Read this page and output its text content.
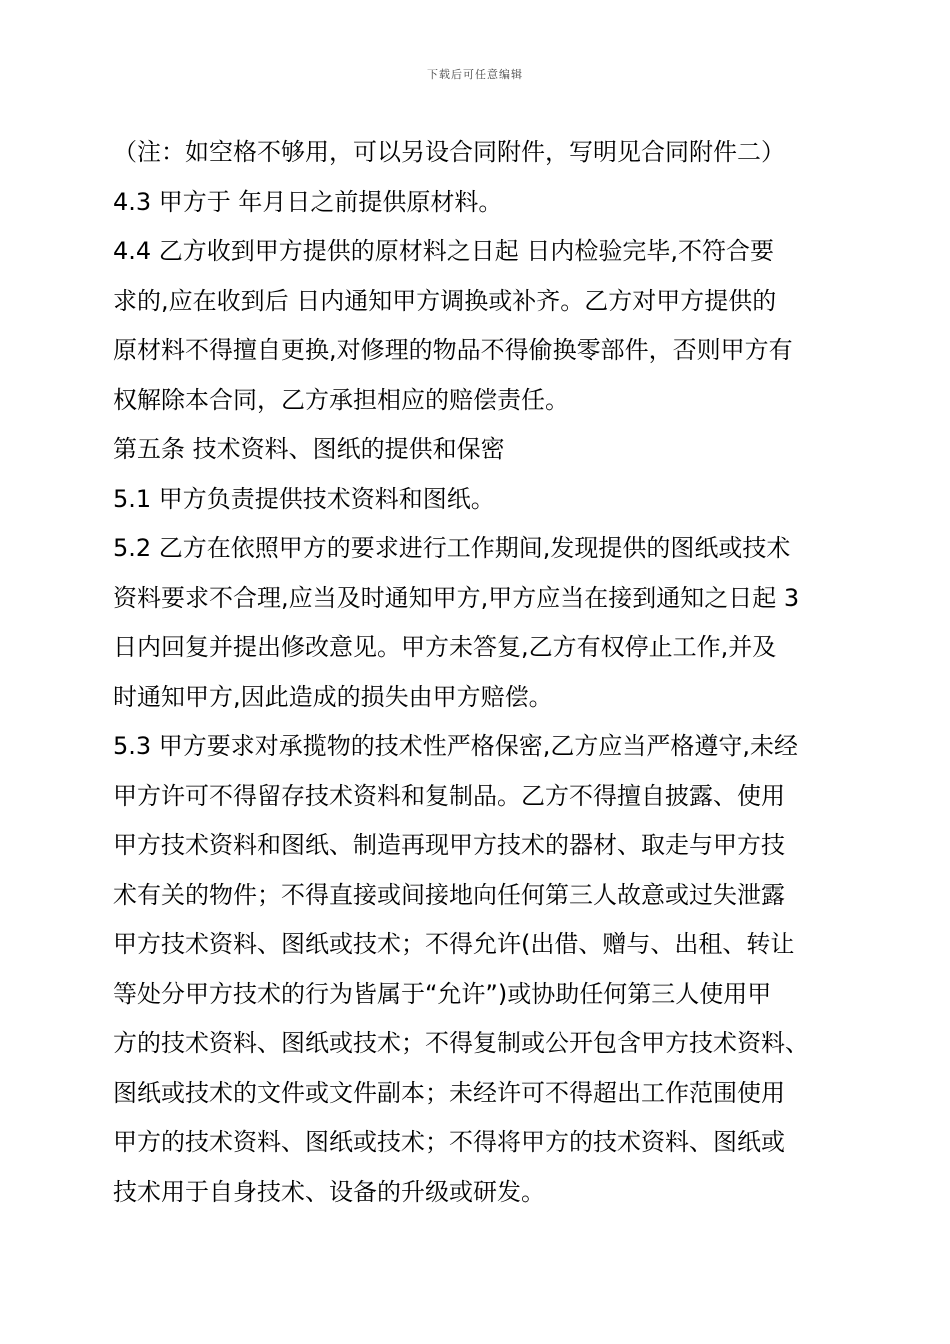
下载后可任意编辑

（注：如空格不够用，可以另设合同附件，写明见合同附件二）

4.3 甲方于 年月日之前提供原材料。

4.4 乙方收到甲方提供的原材料之日起 日内检验完毕,不符合要
求的,应在收到后 日内通知甲方调换或补齐。乙方对甲方提供的
原材料不得擅自更换,对修理的物品不得偷换零部件，否则甲方有
权解除本合同，乙方承担相应的赔偿责任。

第五条 技术资料、图纸的提供和保密

5.1 甲方负责提供技术资料和图纸。

5.2 乙方在依照甲方的要求进行工作期间,发现提供的图纸或技术
资料要求不合理,应当及时通知甲方,甲方应当在接到通知之日起 3
日内回复并提出修改意见。甲方未答复,乙方有权停止工作,并及
时通知甲方,因此造成的损失由甲方赔偿。

5.3 甲方要求对承揽物的技术性严格保密,乙方应当严格遵守,未经
甲方许可不得留存技术资料和复制品。乙方不得擅自披露、使用
甲方技术资料和图纸、制造再现甲方技术的器材、取走与甲方技
术有关的物件；不得直接或间接地向任何第三人故意或过失泄露
甲方技术资料、图纸或技术；不得允许(出借、赠与、出租、转让
等处分甲方技术的行为皆属于“允许”)或协助任何第三人使用甲
方的技术资料、图纸或技术；不得复制或公开包含甲方技术资料、
图纸或技术的文件或文件副本；未经许可不得超出工作范围使用
甲方的技术资料、图纸或技术；不得将甲方的技术资料、图纸或
技术用于自身技术、设备的升级或研发。
